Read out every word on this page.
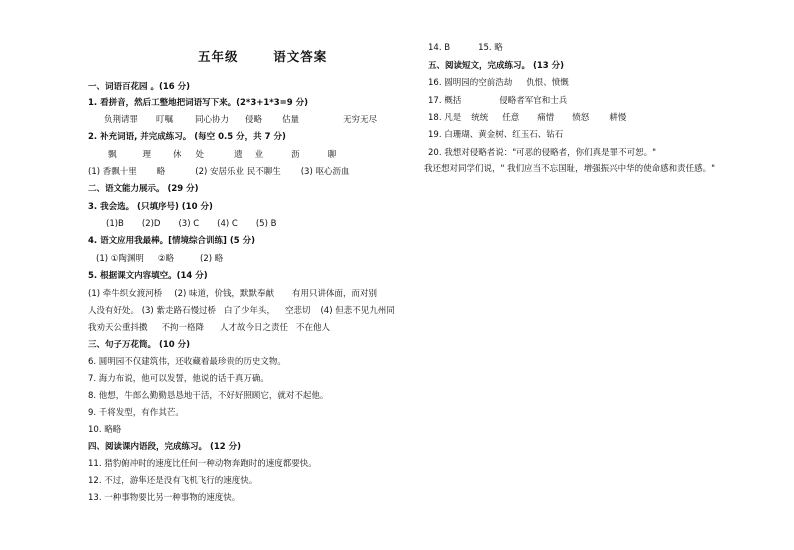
五年级	语文答案
一、词语百花园 。(16 分)
1. 看拼音，然后工整地把词语写下来。(2*3+1*3=9 分)
负荆请罪 叮嘱	同心协力 侵略 估量	无穷无尽
2. 补充词语, 并完成练习。 (每空 0.5 分，共 7 分)
飘	理	休 处	遗 业	沥	聊
(1) 香飘十里 略	(2) 安居乐业 民不聊生 (3) 呕心沥血
二、语文能力展示。 (29 分)
3. 我会选。 (只填序号) (10 分)
(1)B (2)D (3) C (4) C (5) B
4. 语文应用我最棒。[情境综合训练] (5 分)
(1) ①陶渊明 ②略	(2) 略
5. 根据课文内容填空。(14 分)
(1) 牵牛织女渡河桥 (2) 味道，价钱，默默奉献 有用只讲体面，而对别
人没有好处。 (3) 紫走路石慢过桥 白了少年头， 空悲切 (4) 但悲不见九州同
我劝天公重抖擞 不拘一格降 人才故今日之责任 不在他人
三、句子万花筒。 (10 分)
6. 圆明园不仅建筑伟，还收藏着最珍贵的历史文物。
7. 海力布说，他可以发誓，他说的话千真万确。
8. 他想，牛郎么勤勤恳恳地干活，不好好照顾它，就对不起他。
9. 千将发型，有作其芒。
10. 略略
四、阅读课内语段，完成练习。 (12 分)
11. 猎豹俯冲时的速度比任何一种动物奔跑时的速度都要快。
12. 不过，游隼还是没有飞机飞行的速度快。
13. 一种事物要比另一种事物的速度快。
14. B	15. 略
五、阅读短文，完成练习。 (13 分)
16. 圆明园的空前浩劫 仇恨、愤慨
17. 概括	侵略者军官和士兵
18. 凡是 统统 任意 痛惜 愤怒 耕慢
19. 白珊瑚、黄金树、红玉石、钻石
20. 我想对侵略者说："可恶的侵略者，你们真是罪不可恕。"
我还想对同学们说，" 我们应当不忘国耻，增强振兴中华的使命感和责任感。"
